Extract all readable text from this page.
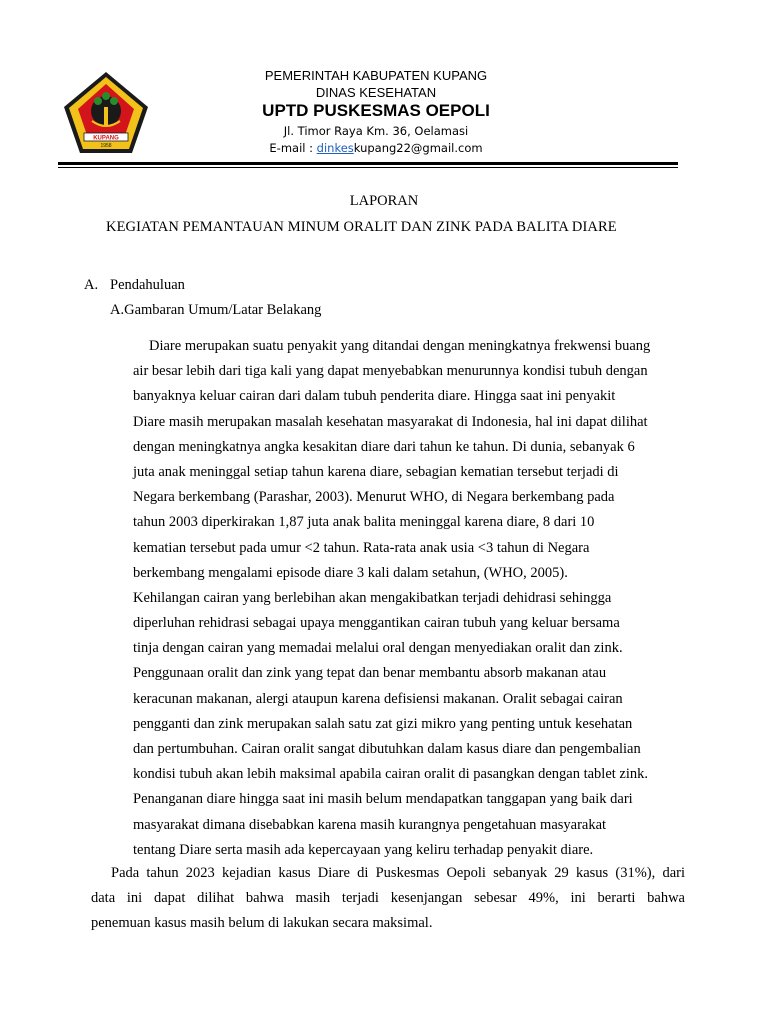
KUPANG
1958
PEMERINTAH KABUPATEN KUPANG
DINAS KESEHATAN
UPTD PUSKESMAS OEPOLI
Jl. Timor Raya Km. 36, Oelamasi
E-mail : dinkeskupang22@gmail.com
LAPORAN
KEGIATAN PEMANTAUAN MINUM ORALIT DAN ZINK PADA BALITA DIARE
A. Pendahuluan
A.Gambaran Umum/Latar Belakang
Diare merupakan suatu penyakit yang ditandai dengan meningkatnya frekwensi buang
air besar lebih dari tiga kali yang dapat menyebabkan menurunnya kondisi tubuh dengan
banyaknya keluar cairan dari dalam tubuh penderita diare. Hingga saat ini penyakit
Diare masih merupakan masalah kesehatan masyarakat di Indonesia, hal ini dapat dilihat
dengan meningkatnya angka kesakitan diare dari tahun ke tahun. Di dunia, sebanyak 6
juta anak meninggal setiap tahun karena diare, sebagian kematian tersebut terjadi di
Negara berkembang (Parashar, 2003). Menurut WHO, di Negara berkembang pada
tahun 2003 diperkirakan 1,87 juta anak balita meninggal karena diare, 8 dari 10
kematian tersebut pada umur <2 tahun. Rata-rata anak usia <3 tahun di Negara
berkembang mengalami episode diare 3 kali dalam setahun, (WHO, 2005).
Kehilangan cairan yang berlebihan akan mengakibatkan terjadi dehidrasi sehingga
diperluhan rehidrasi sebagai upaya menggantikan cairan tubuh yang keluar bersama
tinja dengan cairan yang memadai melalui oral dengan menyediakan oralit dan zink.
Penggunaan oralit dan zink yang tepat dan benar membantu absorb makanan atau
keracunan makanan, alergi ataupun karena defisiensi makanan. Oralit sebagai cairan
pengganti dan zink merupakan salah satu zat gizi mikro yang penting untuk kesehatan
dan pertumbuhan. Cairan oralit sangat dibutuhkan dalam kasus diare dan pengembalian
kondisi tubuh akan lebih maksimal apabila cairan oralit di pasangkan dengan tablet zink.
Penanganan diare hingga saat ini masih belum mendapatkan tanggapan yang baik dari
masyarakat dimana disebabkan karena masih kurangnya pengetahuan masyarakat
tentang Diare serta masih ada kepercayaan yang keliru terhadap penyakit diare.
Pada tahun 2023 kejadian kasus Diare di Puskesmas Oepoli sebanyak 29 kasus (31%), dari
data ini dapat dilihat bahwa masih terjadi kesenjangan sebesar 49%, ini berarti bahwa
penemuan kasus masih belum di lakukan secara maksimal.
